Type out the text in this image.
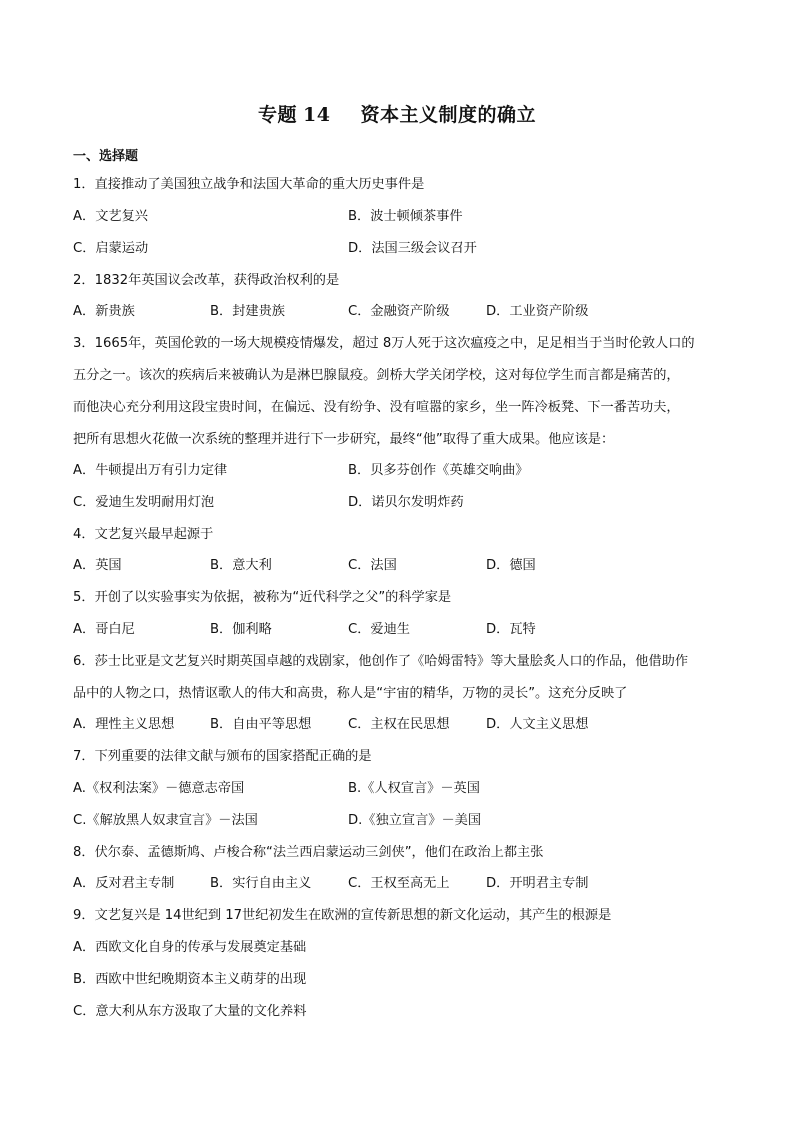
专题 14 资本主义制度的确立
一、选择题
1．直接推动了美国独立战争和法国大革命的重大历史事件是
A．文艺复兴	B．波士顿倾茶事件
C．启蒙运动	D．法国三级会议召开
2．1832年英国议会改革，获得政治权利的是
A．新贵族	B．封建贵族	C．金融资产阶级	D．工业资产阶级
3．1665年，英国伦敦的一场大规模疫情爆发，超过 8万人死于这次瘟疫之中，足足相当于当时伦敦人口的
五分之一。该次的疾病后来被确认为是淋巴腺鼠疫。剑桥大学关闭学校，这对每位学生而言都是痛苦的，
而他决心充分利用这段宝贵时间，在偏远、没有纷争、没有喧嚣的家乡，坐一阵冷板凳、下一番苦功夫，
把所有思想火花做一次系统的整理并进行下一步研究，最终“他”取得了重大成果。他应该是：
A．牛顿提出万有引力定律	B．贝多芬创作《英雄交响曲》
C．爱迪生发明耐用灯泡	D．诺贝尔发明炸药
4．文艺复兴最早起源于
A．英国	B．意大利	C．法国	D．德国
5．开创了以实验事实为依据，被称为“近代科学之父”的科学家是
A．哥白尼	B．伽利略	C．爱迪生	D．瓦特
6．莎士比亚是文艺复兴时期英国卓越的戏剧家，他创作了《哈姆雷特》等大量脍炙人口的作品，他借助作
品中的人物之口，热情讴歌人的伟大和高贵，称人是“宇宙的精华，万物的灵长”。这充分反映了
A．理性主义思想	B．自由平等思想	C．主权在民思想	D．人文主义思想
7．下列重要的法律文献与颁布的国家搭配正确的是
A.《权利法案》－德意志帝国	B.《人权宣言》－英国
C.《解放黑人奴隶宣言》－法国	D.《独立宣言》－美国
8．伏尔泰、孟德斯鸠、卢梭合称“法兰西启蒙运动三剑侠”，他们在政治上都主张
A．反对君主专制	B．实行自由主义	C．王权至高无上	D．开明君主专制
9．文艺复兴是 14世纪到 17世纪初发生在欧洲的宣传新思想的新文化运动，其产生的根源是
A．西欧文化自身的传承与发展奠定基础
B．西欧中世纪晚期资本主义萌芽的出现
C．意大利从东方汲取了大量的文化养料
